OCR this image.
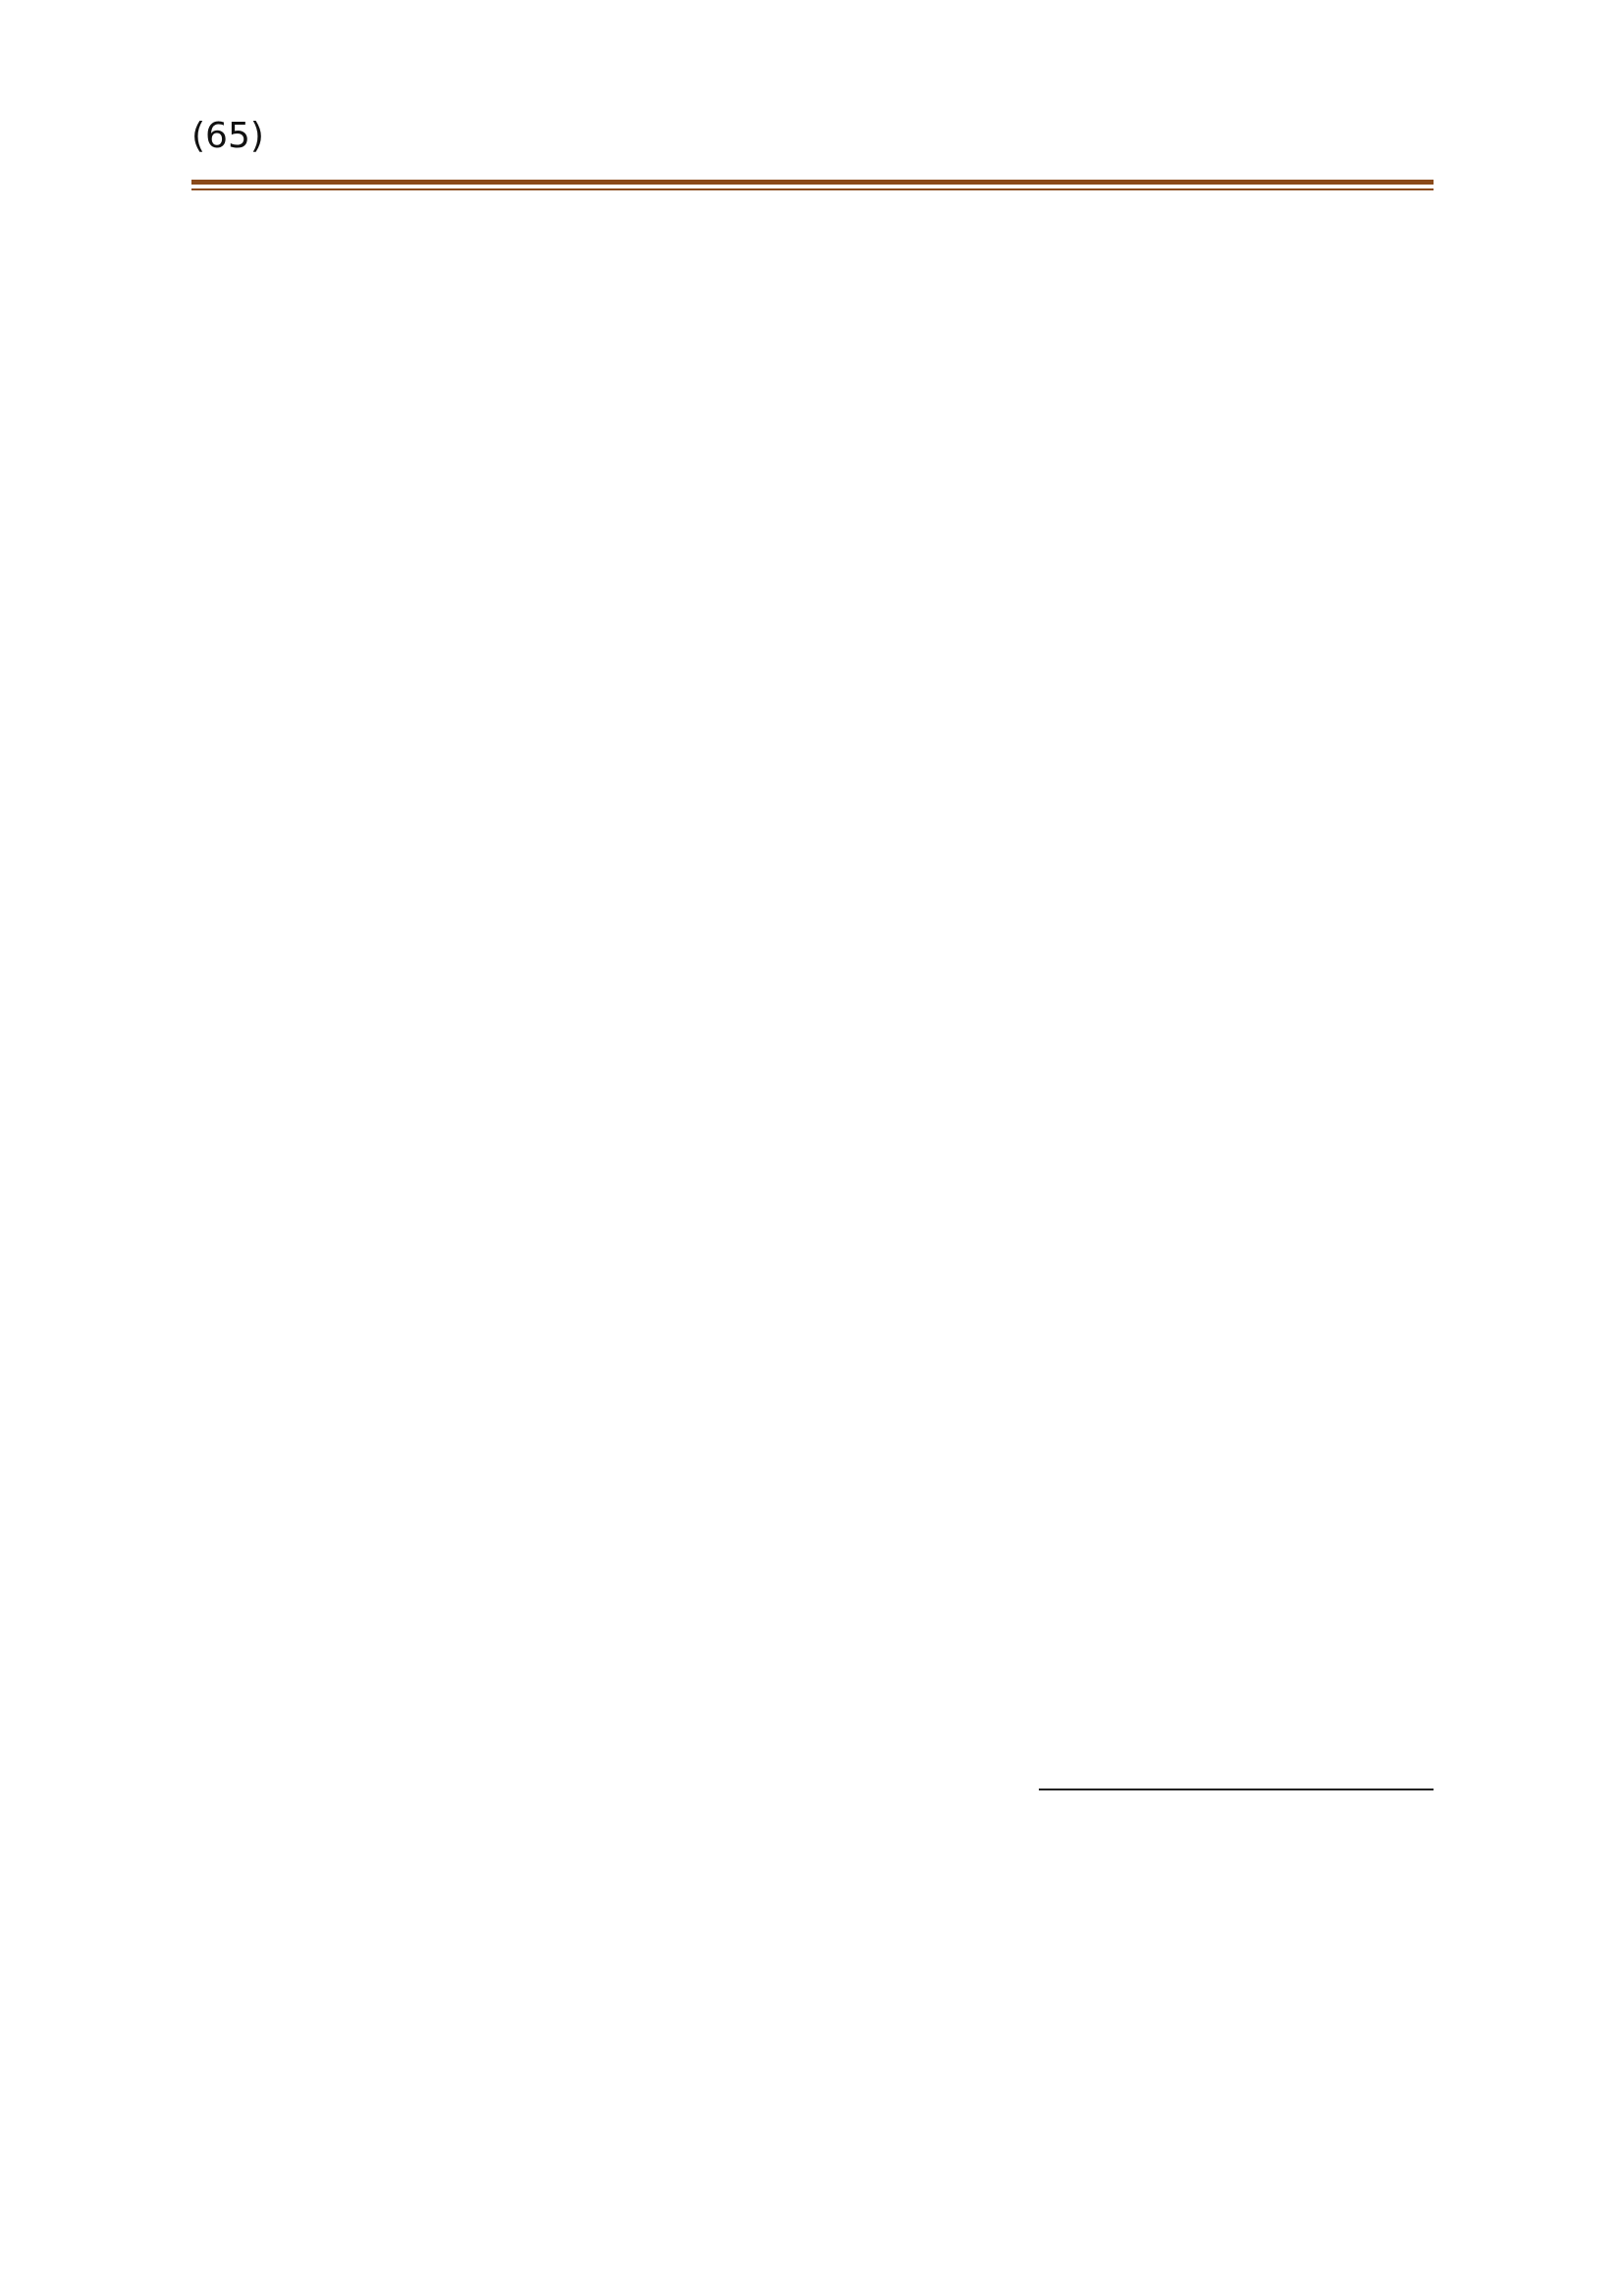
(65)
